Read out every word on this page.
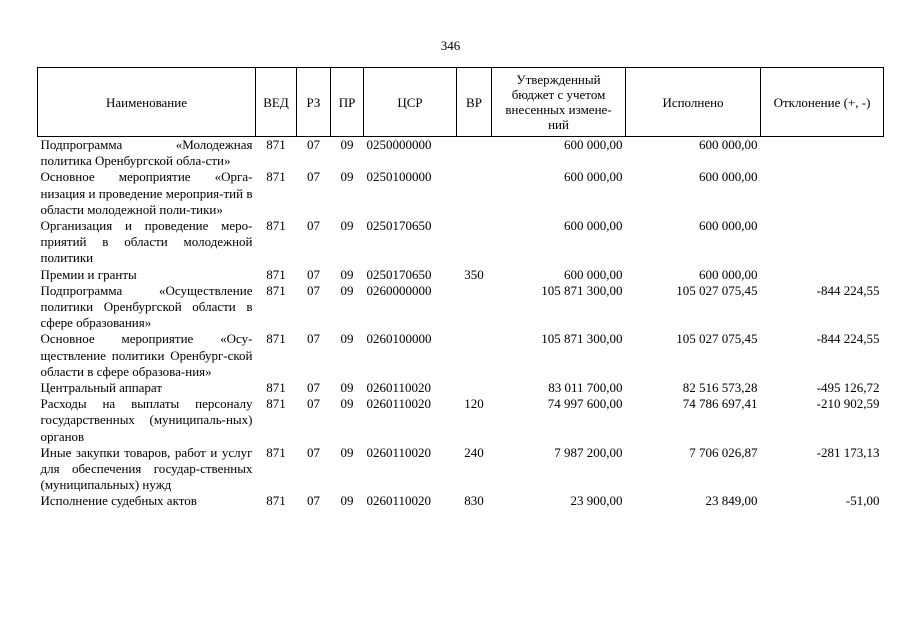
346
Наименование	ВЕД	РЗ	ПР	ЦСР	ВР	Утвержденный бюджет с учетом внесенных измене-ний	Исполнено	Отклонение (+, -)
Подпрограмма «Молодежная политика Оренбургской обла-сти»	871	07	09	0250000000		600 000,00	600 000,00	
Основное мероприятие «Орга-низация и проведение мероприя-тий в области молодежной поли-тики»	871	07	09	0250100000		600 000,00	600 000,00	
Организация и проведение меро-приятий в области молодежной политики	871	07	09	0250170650		600 000,00	600 000,00	
Премии и гранты	871	07	09	0250170650	350	600 000,00	600 000,00	
Подпрограмма «Осуществление политики Оренбургской области в сфере образования»	871	07	09	0260000000		105 871 300,00	105 027 075,45	-844 224,55
Основное мероприятие «Осу-ществление политики Оренбург-ской области в сфере образова-ния»	871	07	09	0260100000		105 871 300,00	105 027 075,45	-844 224,55
Центральный аппарат	871	07	09	0260110020		83 011 700,00	82 516 573,28	-495 126,72
Расходы на выплаты персоналу государственных (муниципаль-ных) органов	871	07	09	0260110020	120	74 997 600,00	74 786 697,41	-210 902,59
Иные закупки товаров, работ и услуг для обеспечения государ-ственных (муниципальных) нужд	871	07	09	0260110020	240	7 987 200,00	7 706 026,87	-281 173,13
Исполнение судебных актов	871	07	09	0260110020	830	23 900,00	23 849,00	-51,00
